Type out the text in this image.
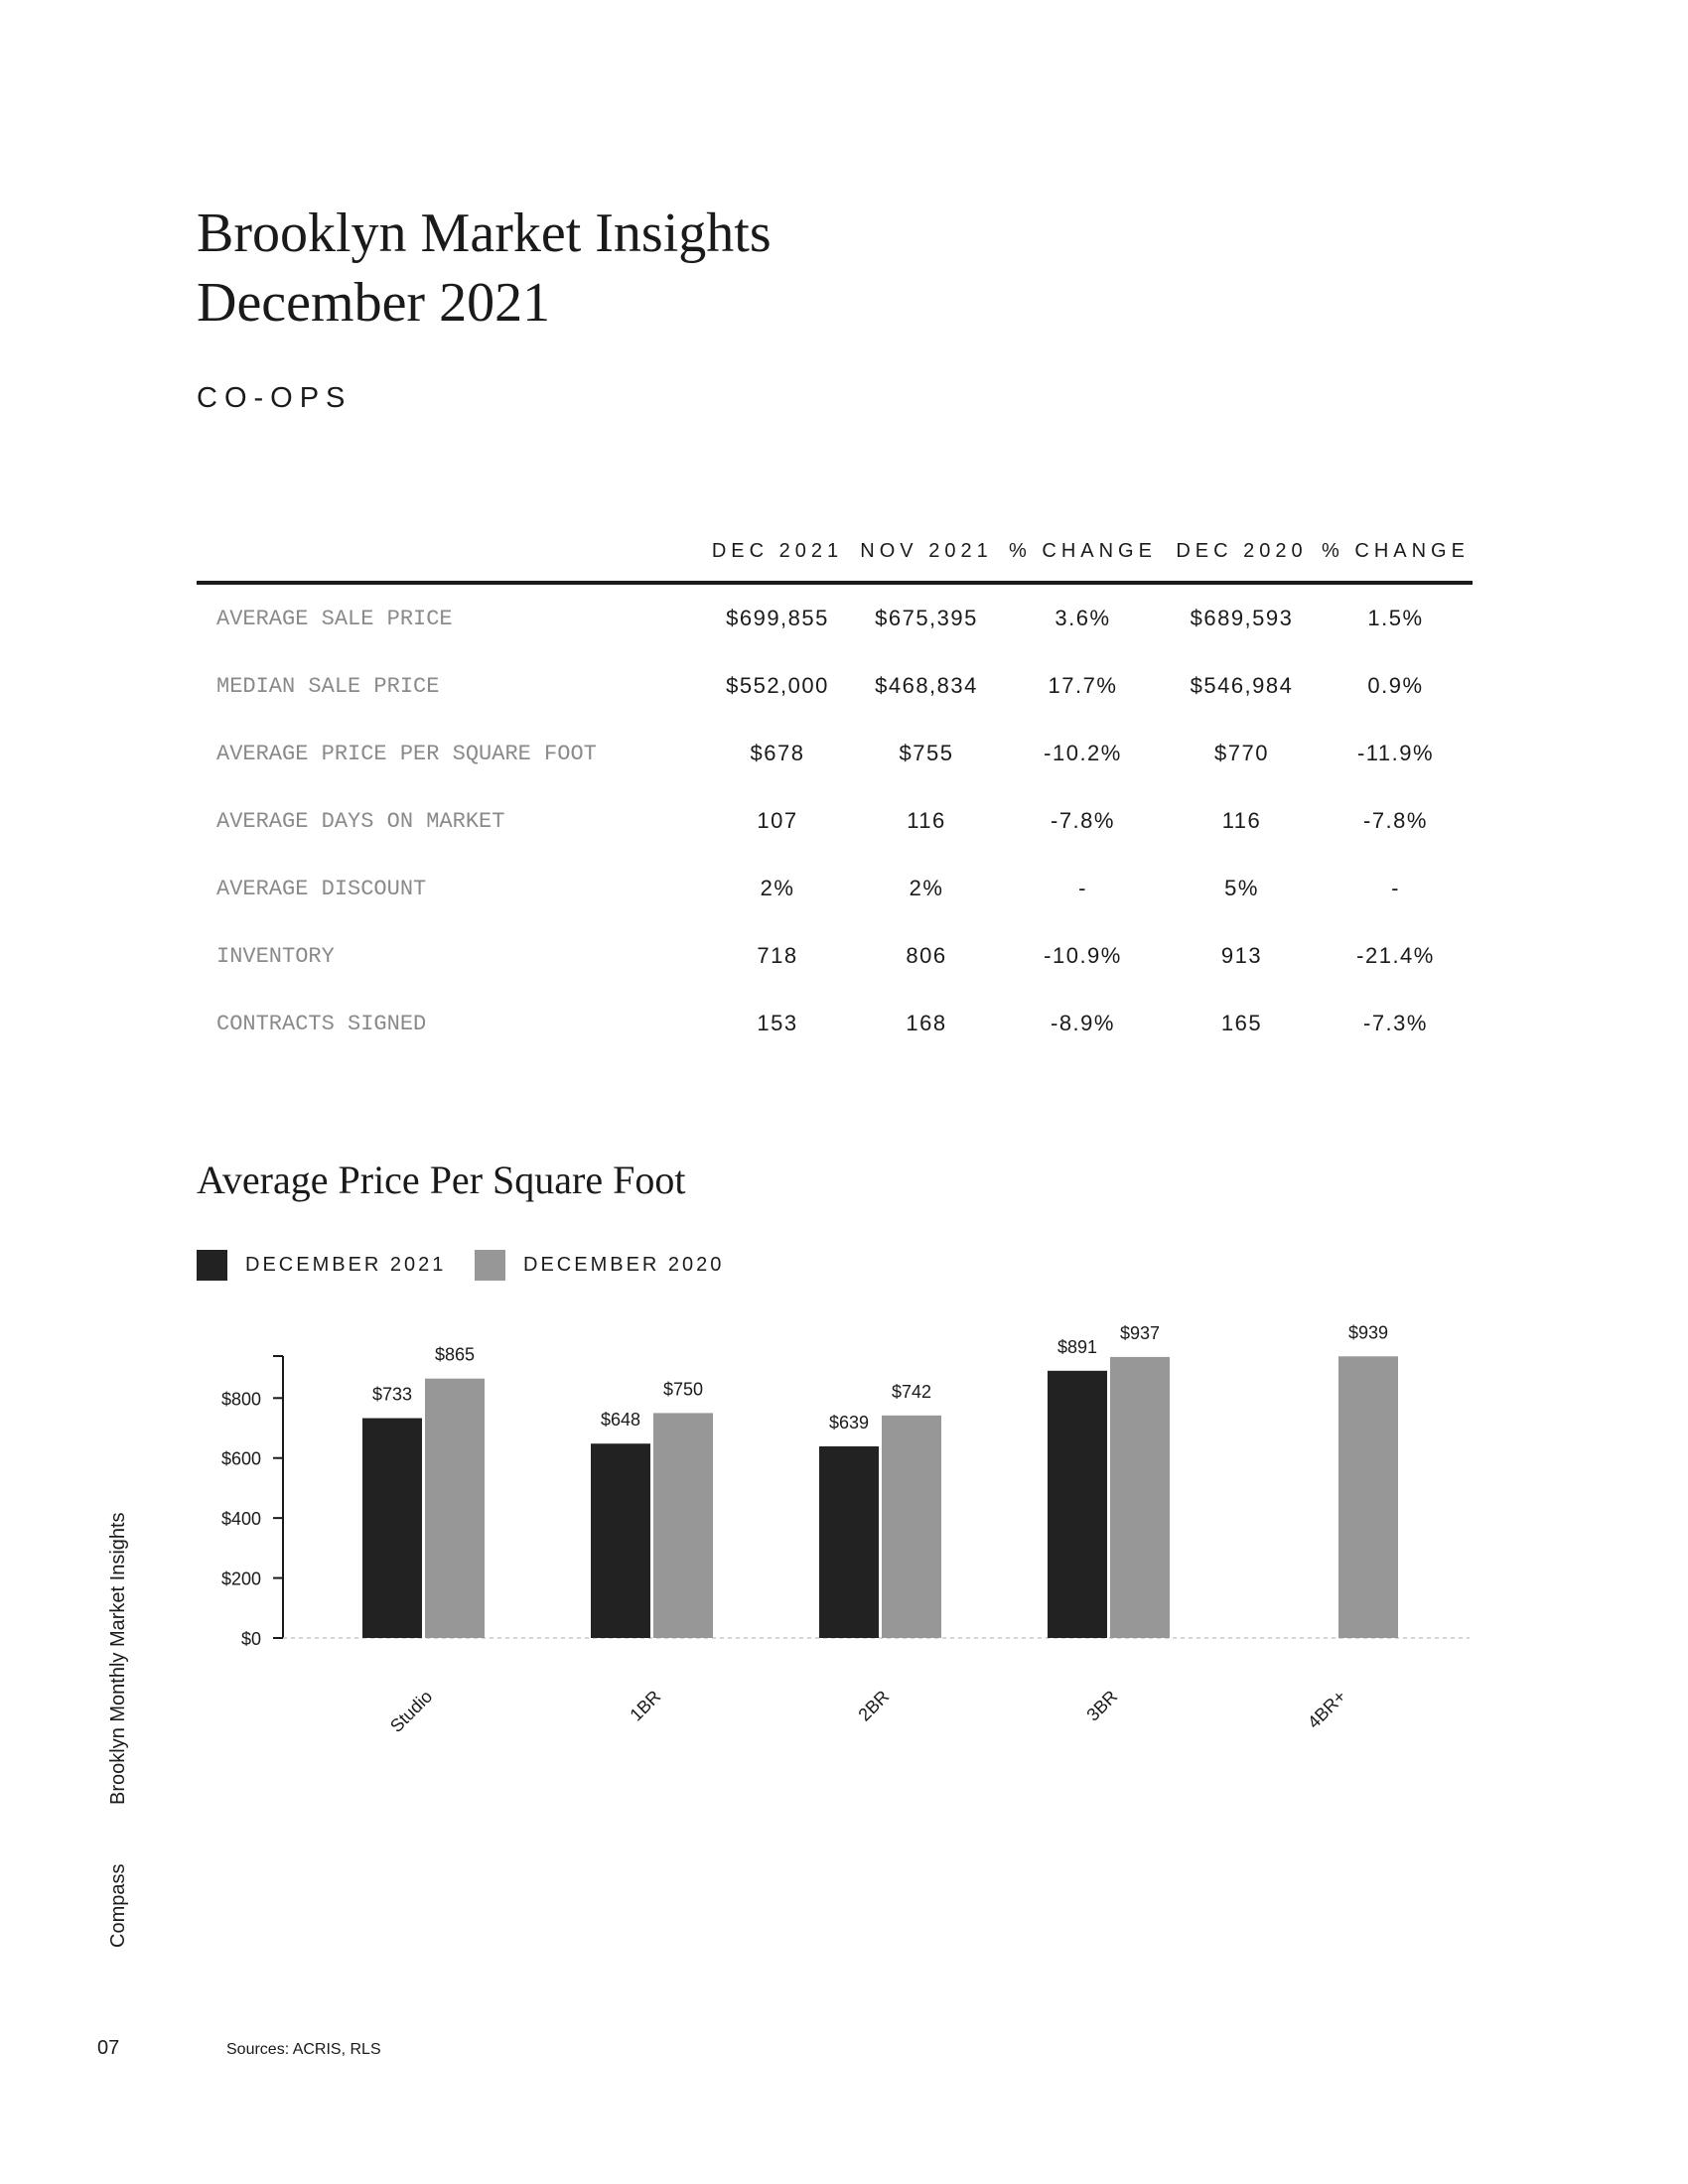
Brooklyn Market Insights
December 2021
CO-OPS
	DEC 2021	NOV 2021	% CHANGE	DEC 2020	% CHANGE
AVERAGE SALE PRICE	$699,855	$675,395	3.6%	$689,593	1.5%
MEDIAN SALE PRICE	$552,000	$468,834	17.7%	$546,984	0.9%
AVERAGE PRICE PER SQUARE FOOT	$678	$755	-10.2%	$770	-11.9%
AVERAGE DAYS ON MARKET	107	116	-7.8%	116	-7.8%
AVERAGE DISCOUNT	2%	2%	-	5%	-
INVENTORY	718	806	-10.9%	913	-21.4%
CONTRACTS SIGNED	153	168	-8.9%	165	-7.3%
Average Price Per Square Foot
DECEMBER 2021	DECEMBER 2020
$0
$200
$400
$600
$800	$733
$865
Studio
$648
$750
1BR
$639
$742
2BR
$891
$937
3BR
$939
4BR+
Compass
Brooklyn Monthly Market Insights
07	Sources: ACRIS, RLS
